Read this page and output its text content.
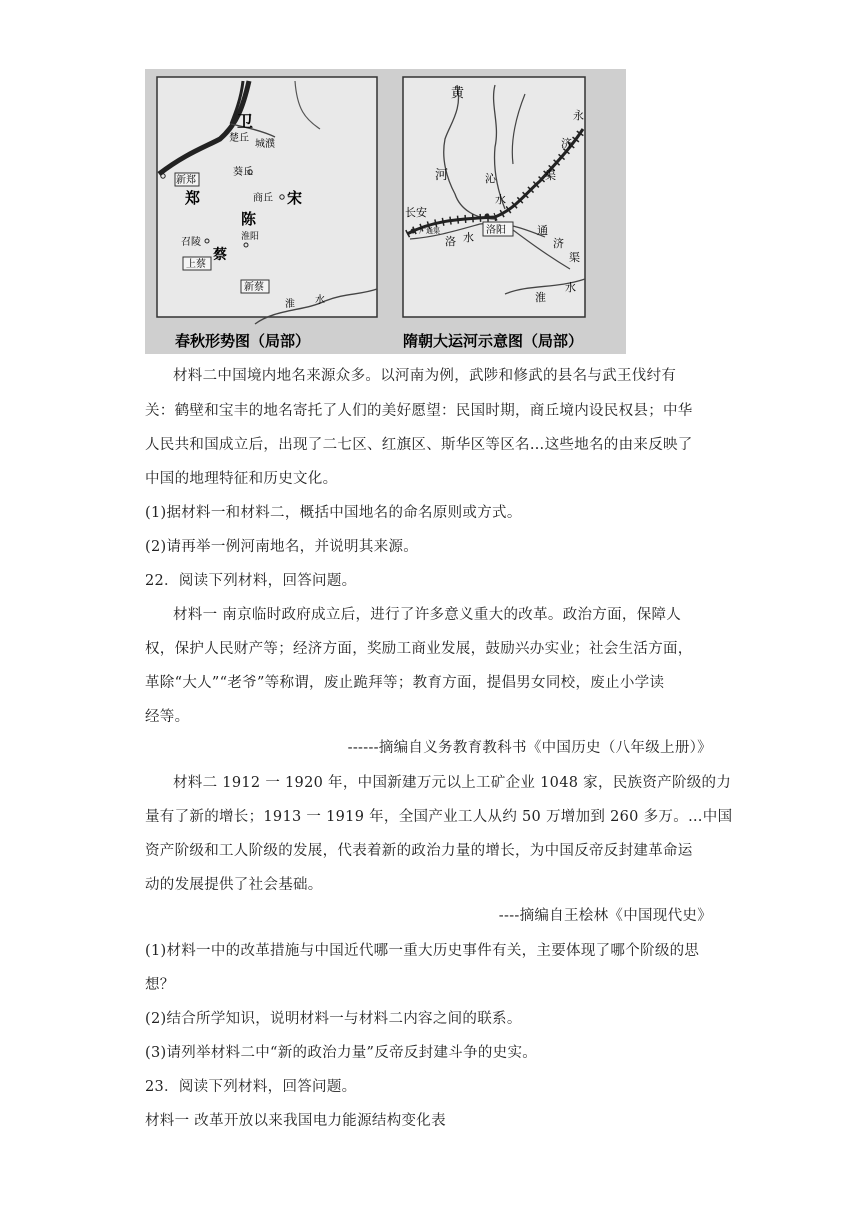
卫
楚丘
城濮
葵丘
新郑
郑	商丘 宋
陈
淮阳
召陵
蔡
上蔡
新蔡
淮 水
春秋形势图（局部）
黄
河
永
济
渠
沁
水
长安
广通渠
洛 水
洛阳	通
济
渠
淮
水
隋朝大运河示意图（局部）
材料二中国境内地名来源众多。以河南为例，武陟和修武的县名与武王伐纣有
关：鹤壁和宝丰的地名寄托了人们的美好愿望：民国时期，商丘境内设民权县；中华
人民共和国成立后，出现了二七区、红旗区、斯华区等区名…这些地名的由来反映了
中国的地理特征和历史文化。
(1)据材料一和材料二，概括中国地名的命名原则或方式。
(2)请再举一例河南地名，并说明其来源。
22．阅读下列材料，回答问题。
材料一 南京临时政府成立后，进行了许多意义重大的改革。政治方面，保障人
权，保护人民财产等；经济方面，奖励工商业发展，鼓励兴办实业；社会生活方面，
革除“大人”“老爷”等称谓，废止跪拜等；教育方面，提倡男女同校，废止小学读
经等。
------摘编自义务教育教科书《中国历史（八年级上册）》
材料二 1912 一 1920 年，中国新建万元以上工矿企业 1048 家，民族资产阶级的力
量有了新的增长；1913 一 1919 年，全国产业工人从约 50 万增加到 260 多万。…中国
资产阶级和工人阶级的发展，代表着新的政治力量的增长，为中国反帝反封建革命运
动的发展提供了社会基础。
----摘编自王桧林《中国现代史》
(1)材料一中的改革措施与中国近代哪一重大历史事件有关，主要体现了哪个阶级的思
想？
(2)结合所学知识，说明材料一与材料二内容之间的联系。
(3)请列举材料二中“新的政治力量”反帝反封建斗争的史实。
23．阅读下列材料，回答问题。
材料一 改革开放以来我国电力能源结构变化表
